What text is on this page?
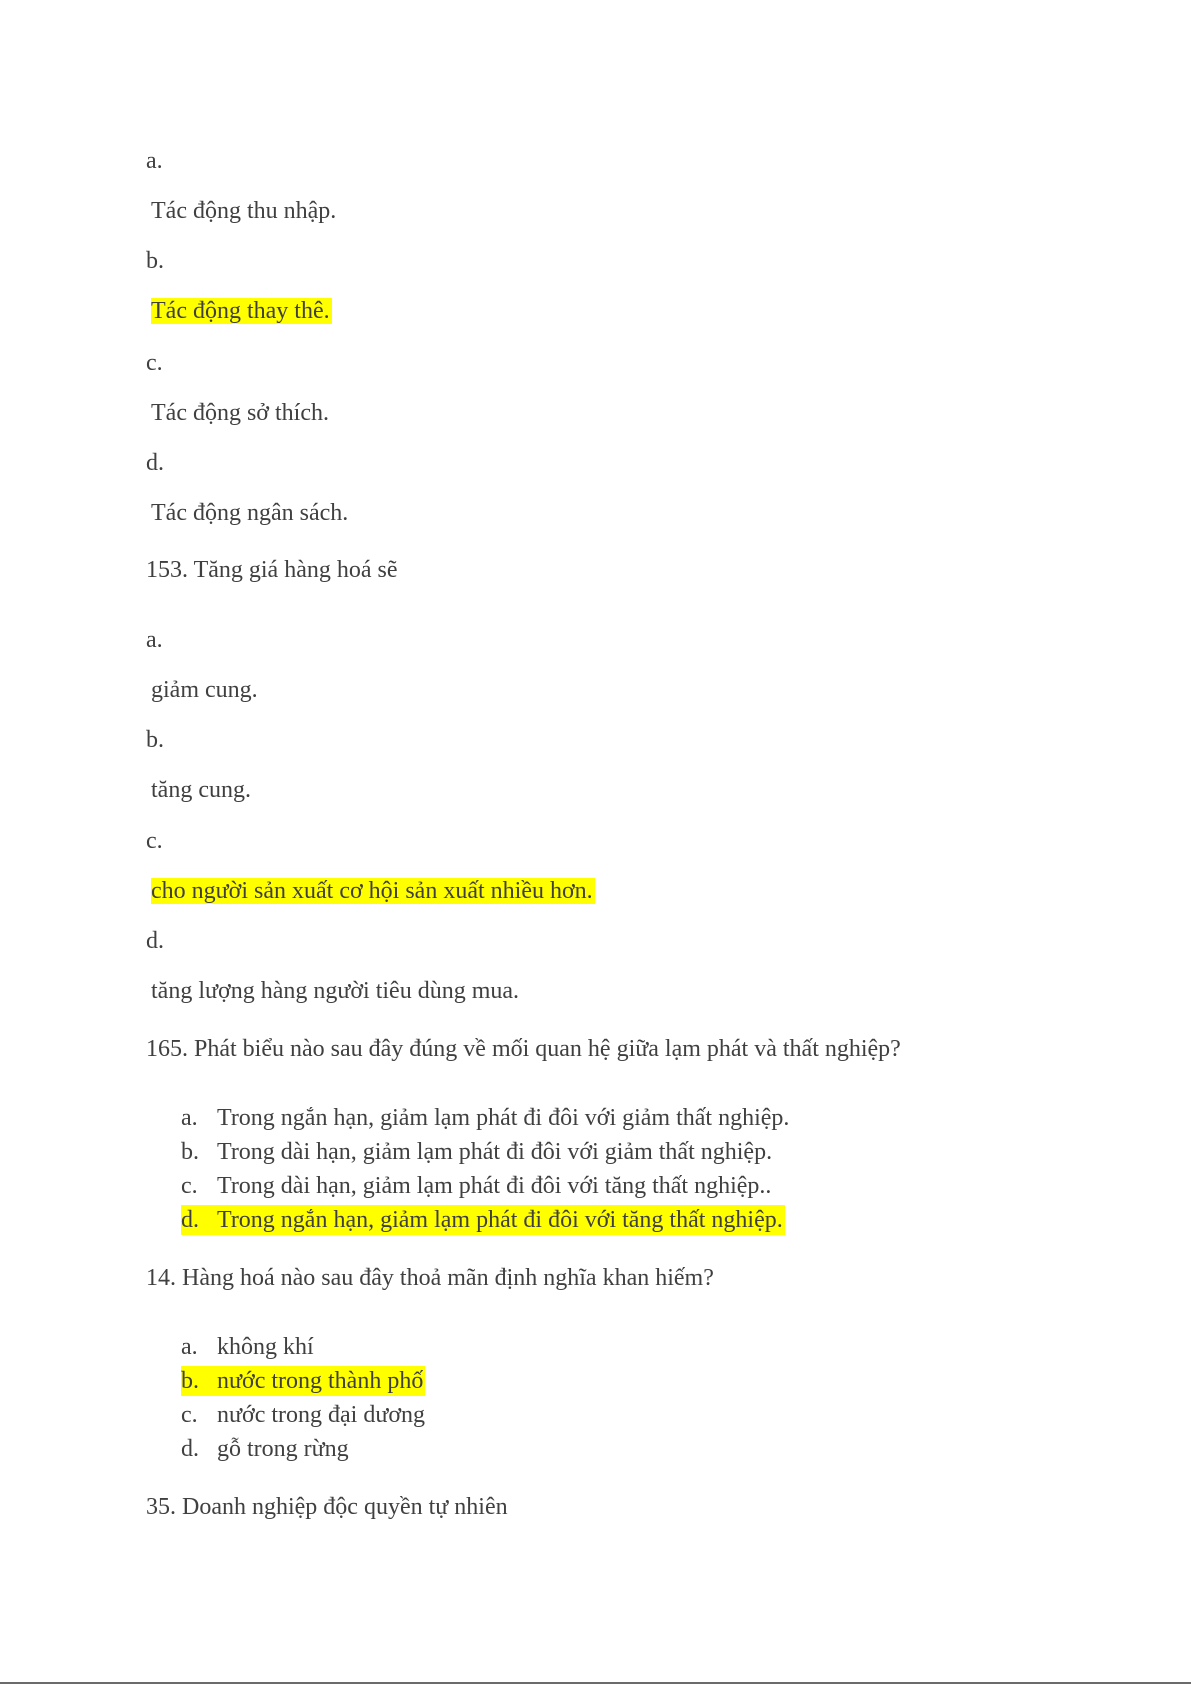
a.
Tác động thu nhập.
b.
Tác động thay thê.
c.
Tác động sở thích.
d.
Tác động ngân sách.
153. Tăng giá hàng hoá sẽ
a.
giảm cung.
b.
tăng cung.
c.
cho người sản xuất cơ hội sản xuất nhiều hơn.
d.
tăng lượng hàng người tiêu dùng mua.
165. Phát biểu nào sau đây đúng về mối quan hệ giữa lạm phát và thất nghiệp?
a. Trong ngắn hạn, giảm lạm phát đi đôi với giảm thất nghiệp.
b. Trong dài hạn, giảm lạm phát đi đôi với giảm thất nghiệp.
c. Trong dài hạn, giảm lạm phát đi đôi với tăng thất nghiệp..
d. Trong ngắn hạn, giảm lạm phát đi đôi với tăng thất nghiệp.
14. Hàng hoá nào sau đây thoả mãn định nghĩa khan hiếm?
a. không khí
b. nước trong thành phố
c. nước trong đại dương
d. gỗ trong rừng
35. Doanh nghiệp độc quyền tự nhiên
